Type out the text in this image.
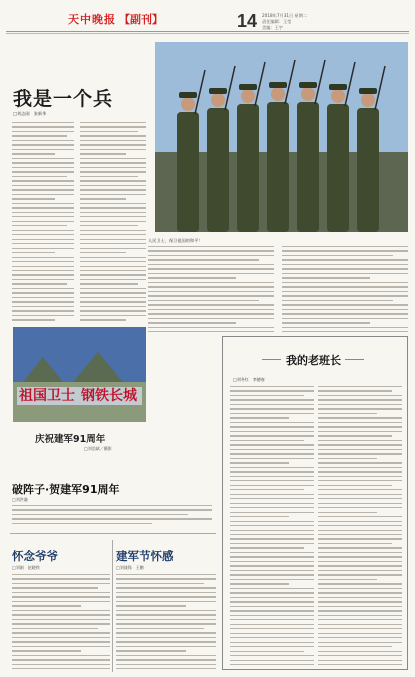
天中晚报 【副刊】	14 2018年7月31日 星期二
责任编辑：王莹
美编：王宇
我是一个兵
□刘志刚　张新华
人民卫士，保卫祖国的和平！
祖国卫士 钢铁长城
庆祝建军91周年
□刘浩斌／摄影
破阵子·贺建军91周年
□刘洪谦
怀念爷爷
□刘刚　赵晓铁
建军节怀感
□刘战锋　王鹏
我的老班长
□刘冬红　李德春
